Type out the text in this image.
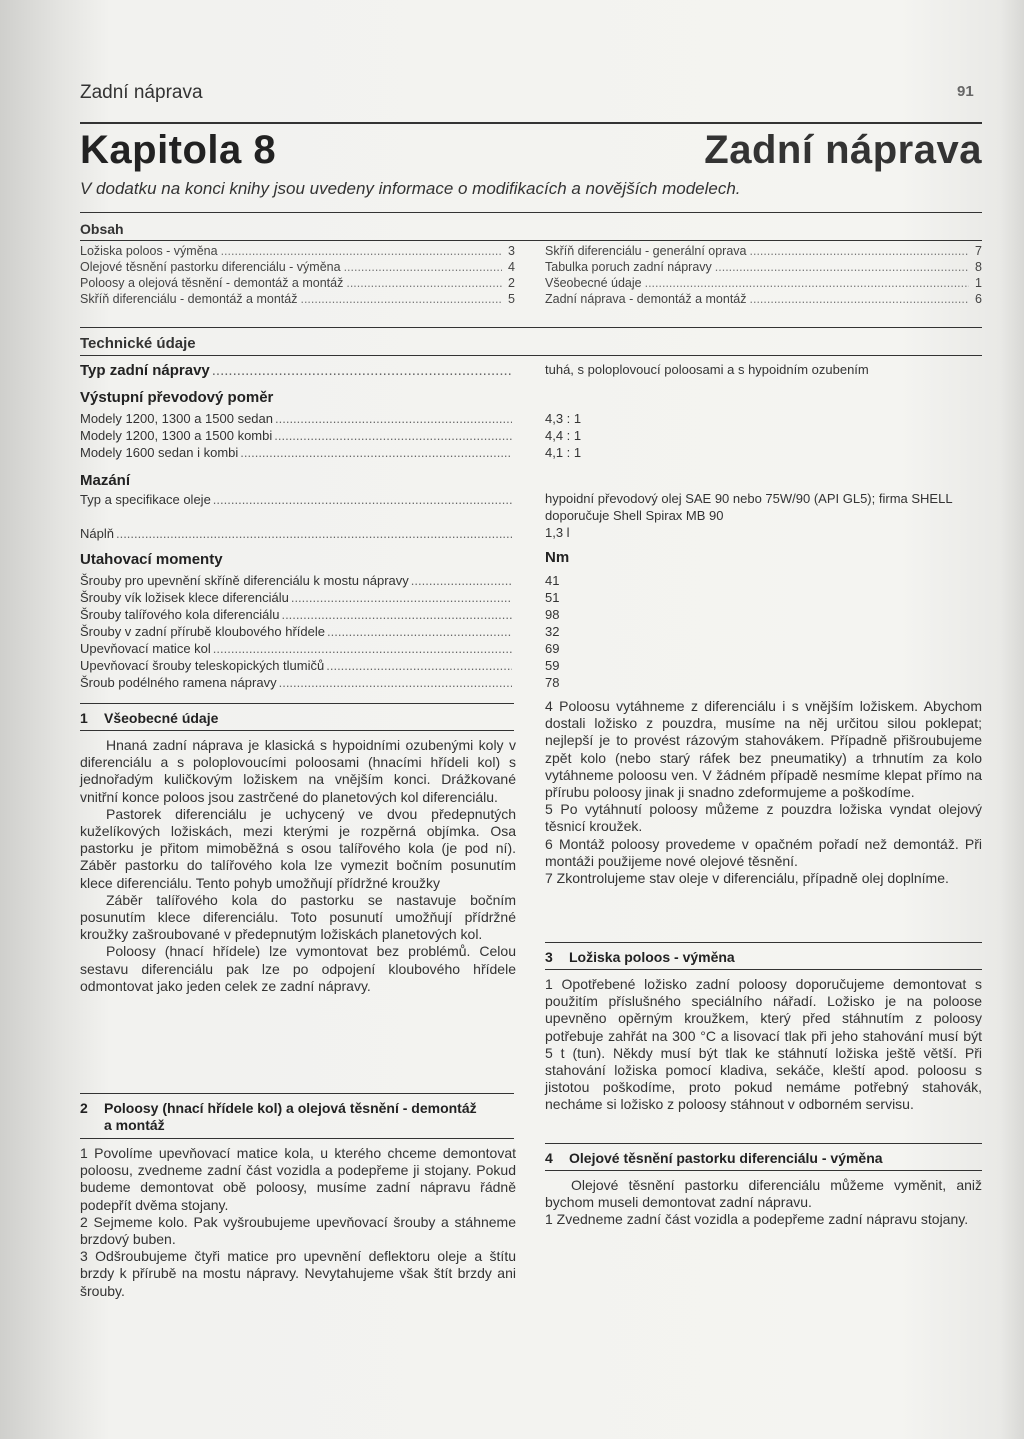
Zadní náprava	91
Kapitola 8	Zadní náprava
V dodatku na konci knihy jsou uvedeny informace o modifikacích a novějších modelech.
Obsah
Ložiska poloos - výměna .....	3
Olejové těsnění pastorku diferenciálu - výměna .....	4
Poloosy a olejová těsnění - demontáž a montáž .....	2
Skříň diferenciálu - demontáž a montáž .....	5
Skříň diferenciálu - generální oprava .....	7
Tabulka poruch zadní nápravy .....	8
Všeobecné údaje .....	1
Zadní náprava - demontáž a montáž .....	6
Technické údaje
Typ zadní nápravy .....	tuhá, s poloplovoucí poloosami a s hypoidním ozubením
Výstupní převodový poměr
Modely 1200, 1300 a 1500 sedan .....	4,3 : 1
Modely 1200, 1300 a 1500 kombi .....	4,4 : 1
Modely 1600 sedan i kombi .....	4,1 : 1
Mazání
Typ a specifikace oleje .....	hypoidní převodový olej SAE 90 nebo 75W/90 (API GL5); firma SHELL doporučuje Shell Spirax MB 90
Náplň .....	1,3 l
Utahovací momenty	Nm
Šrouby pro upevnění skříně diferenciálu k mostu nápravy .....	41
Šrouby vík ložisek klece diferenciálu .....	51
Šrouby talířového kola diferenciálu .....	98
Šrouby v zadní přírubě kloubového hřídele .....	32
Upevňovací matice kol .....	69
Upevňovací šrouby teleskopických tlumičů .....	59
Šroub podélného ramena nápravy .....	78
1 Všeobecné údaje

Hnaná zadní náprava je klasická s hypoidními ozubenými koly v diferenciálu a s poloplovoucími poloosami (hnacími hřídeli kol) s jednořadým kuličkovým ložiskem na vnějším konci. Drážkované vnitřní konce poloos jsou zastrčené do planetových kol diferenciálu.

Pastorek diferenciálu je uchycený ve dvou předepnutých kuželíkových ložiskách, mezi kterými je rozpěrná objímka. Osa pastorku je přitom mimoběžná s osou talířového kola (je pod ní). Záběr pastorku do talířového kola lze vymezit bočním posunutím klece diferenciálu. Tento pohyb umožňují přídržné kroužky

Záběr talířového kola do pastorku se nastavuje bočním posunutím klece diferenciálu. Toto posunutí umožňují přídržné kroužky zašroubované v předepnutým ložiskách planetových kol.

Poloosy (hnací hřídele) lze vymontovat bez problémů. Celou sestavu diferenciálu pak lze po odpojení kloubového hřídele odmontovat jako jeden celek ze zadní nápravy.

2 Poloosy (hnací hřídele kol) a olejová těsnění - demontáž
a montáž

1 Povolíme upevňovací matice kola, u kterého chceme demontovat poloosu, zvedneme zadní část vozidla a podepřeme ji stojany. Pokud budeme demontovat obě poloosy, musíme zadní nápravu řádně podepřít dvěma stojany.

2 Sejmeme kolo. Pak vyšroubujeme upevňovací šrouby a stáhneme brzdový buben.

3 Odšroubujeme čtyři matice pro upevnění deflektoru oleje a štítu brzdy k přírubě na mostu nápravy. Nevytahujeme však štít brzdy ani šrouby.

4 Poloosu vytáhneme z diferenciálu i s vnějším ložiskem. Abychom dostali ložisko z pouzdra, musíme na něj určitou silou poklepat; nejlepší je to provést rázovým stahovákem. Případně přišroubujeme zpět kolo (nebo starý ráfek bez pneumatiky) a trhnutím za kolo vytáhneme poloosu ven. V žádném případě nesmíme klepat přímo na přírubu poloosy jinak ji snadno zdeformujeme a poškodíme.

5 Po vytáhnutí poloosy můžeme z pouzdra ložiska vyndat olejový těsnicí kroužek.

6 Montáž poloosy provedeme v opačném pořadí než demontáž. Při montáži použijeme nové olejové těsnění.

7 Zkontrolujeme stav oleje v diferenciálu, případně olej doplníme.

3 Ložiska poloos - výměna

1 Opotřebené ložisko zadní poloosy doporučujeme demontovat s použitím příslušného speciálního nářadí. Ložisko je na poloose upevněno opěrným kroužkem, který před stáhnutím z poloosy potřebuje zahřát na 300 °C a lisovací tlak při jeho stahování musí být 5 t (tun). Někdy musí být tlak ke stáhnutí ložiska ještě větší. Při stahování ložiska pomocí kladiva, sekáče, kleští apod. poloosu s jistotou poškodíme, proto pokud nemáme potřebný stahovák, necháme si ložisko z poloosy stáhnout v odborném servisu.

4 Olejové těsnění pastorku diferenciálu - výměna

Olejové těsnění pastorku diferenciálu můžeme vyměnit, aniž bychom museli demontovat zadní nápravu.

1 Zvedneme zadní část vozidla a podepřeme zadní nápravu stojany.
